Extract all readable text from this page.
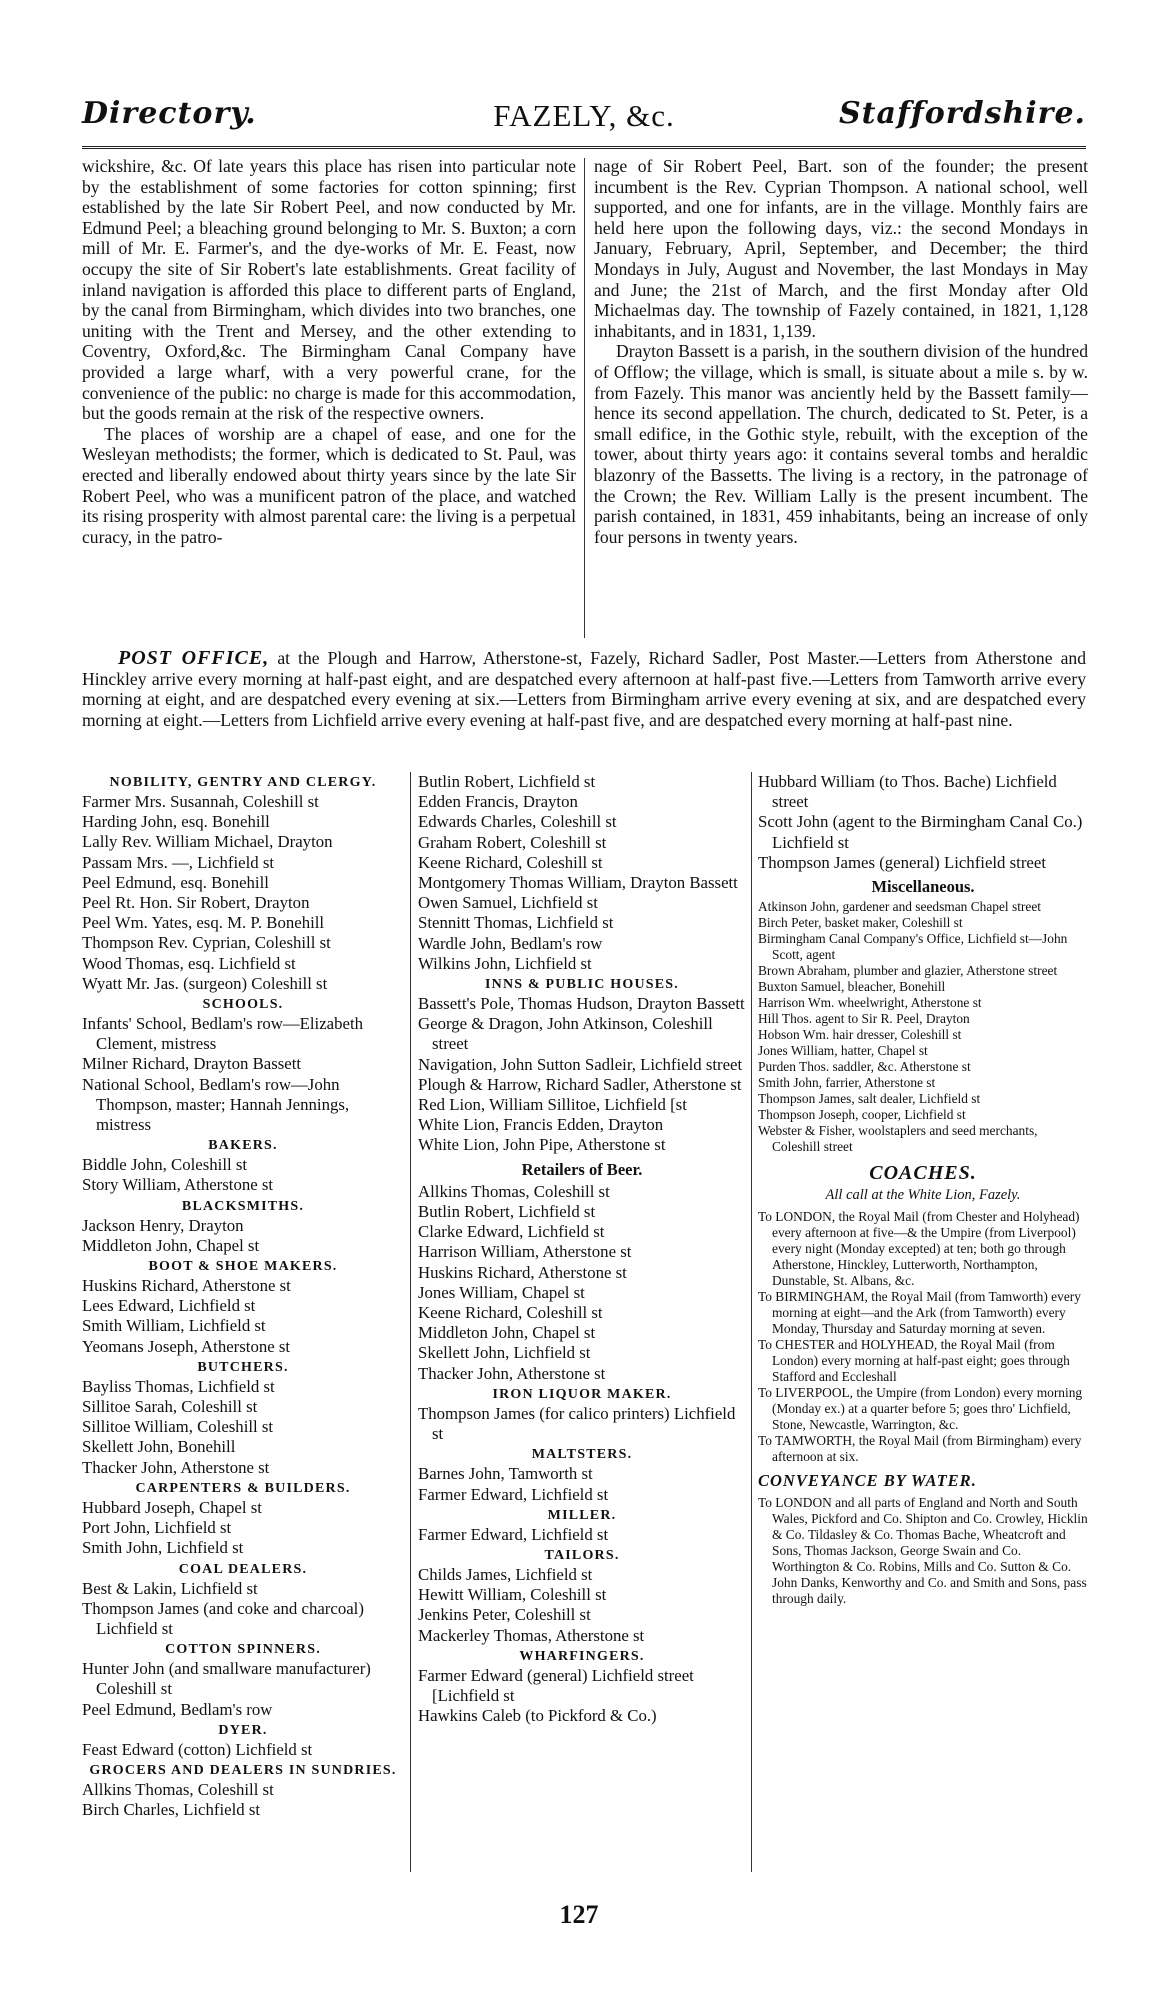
Directory.	FAZELY, &c.	Staffordshire.

wickshire, &c. Of late years this place has risen into particular note by the establishment of some factories for cotton spinning; first established by the late Sir Robert Peel, and now conducted by Mr. Edmund Peel; a bleaching ground belonging to Mr. S. Buxton; a corn mill of Mr. E. Farmer's, and the dye-works of Mr. E. Feast, now occupy the site of Sir Robert's late establishments. Great facility of inland navigation is afforded this place to different parts of England, by the canal from Birmingham, which divides into two branches, one uniting with the Trent and Mersey, and the other extending to Coventry, Oxford,&c. The Birmingham Canal Company have provided a large wharf, with a very powerful crane, for the convenience of the public: no charge is made for this accommodation, but the goods remain at the risk of the respective owners.

The places of worship are a chapel of ease, and one for the Wesleyan methodists; the former, which is dedicated to St. Paul, was erected and liberally endowed about thirty years since by the late Sir Robert Peel, who was a munificent patron of the place, and watched its rising prosperity with almost parental care: the living is a perpetual curacy, in the patro-

nage of Sir Robert Peel, Bart. son of the founder; the present incumbent is the Rev. Cyprian Thompson. A national school, well supported, and one for infants, are in the village. Monthly fairs are held here upon the following days, viz.: the second Mondays in January, February, April, September, and December; the third Mondays in July, August and November, the last Mondays in May and June; the 21st of March, and the first Monday after Old Michaelmas day. The township of Fazely contained, in 1821, 1,128 inhabitants, and in 1831, 1,139.

Drayton Bassett is a parish, in the southern division of the hundred of Offlow; the village, which is small, is situate about a mile s. by w. from Fazely. This manor was anciently held by the Bassett family—hence its second appellation. The church, dedicated to St. Peter, is a small edifice, in the Gothic style, rebuilt, with the exception of the tower, about thirty years ago: it contains several tombs and heraldic blazonry of the Bassetts. The living is a rectory, in the patronage of the Crown; the Rev. William Lally is the present incumbent. The parish contained, in 1831, 459 inhabitants, being an increase of only four persons in twenty years.

POST OFFICE, at the Plough and Harrow, Atherstone-st, Fazely, Richard Sadler, Post Master.—Letters from Atherstone and Hinckley arrive every morning at half-past eight, and are despatched every afternoon at half-past five.—Letters from Tamworth arrive every morning at eight, and are despatched every evening at six.—Letters from Birmingham arrive every evening at six, and are despatched every morning at eight.—Letters from Lichfield arrive every evening at half-past five, and are despatched every morning at half-past nine.
NOBILITY, GENTRY AND CLERGY.
Farmer Mrs. Susannah, Coleshill st
Harding John, esq. Bonehill
Lally Rev. William Michael, Drayton
Passam Mrs. —, Lichfield st
Peel Edmund, esq. Bonehill
Peel Rt. Hon. Sir Robert, Drayton
Peel Wm. Yates, esq. M. P. Bonehill
Thompson Rev. Cyprian, Coleshill st
Wood Thomas, esq. Lichfield st
Wyatt Mr. Jas. (surgeon) Coleshill st
SCHOOLS.
Infants' School, Bedlam's row—Elizabeth Clement, mistress
Milner Richard, Drayton Bassett
National School, Bedlam's row—John Thompson, master; Hannah Jennings, mistress
BAKERS.
Biddle John, Coleshill st
Story William, Atherstone st
BLACKSMITHS.
Jackson Henry, Drayton
Middleton John, Chapel st
BOOT & SHOE MAKERS.
Huskins Richard, Atherstone st
Lees Edward, Lichfield st
Smith William, Lichfield st
Yeomans Joseph, Atherstone st
BUTCHERS.
Bayliss Thomas, Lichfield st
Sillitoe Sarah, Coleshill st
Sillitoe William, Coleshill st
Skellett John, Bonehill
Thacker John, Atherstone st
CARPENTERS & BUILDERS.
Hubbard Joseph, Chapel st
Port John, Lichfield st
Smith John, Lichfield st
COAL DEALERS.
Best & Lakin, Lichfield st
Thompson James (and coke and charcoal) Lichfield st
COTTON SPINNERS.
Hunter John (and smallware manufacturer) Coleshill st
Peel Edmund, Bedlam's row
DYER.
Feast Edward (cotton) Lichfield st
GROCERS AND DEALERS IN SUNDRIES.
Allkins Thomas, Coleshill st
Birch Charles, Lichfield st
Butlin Robert, Lichfield st
Edden Francis, Drayton
Edwards Charles, Coleshill st
Graham Robert, Coleshill st
Keene Richard, Coleshill st
Montgomery Thomas William, Drayton Bassett
Owen Samuel, Lichfield st
Stennitt Thomas, Lichfield st
Wardle John, Bedlam's row
Wilkins John, Lichfield st
INNS & PUBLIC HOUSES.
Bassett's Pole, Thomas Hudson, Drayton Bassett
George & Dragon, John Atkinson, Coleshill street
Navigation, John Sutton Sadleir, Lichfield street
Plough & Harrow, Richard Sadler, Atherstone st
Red Lion, William Sillitoe, Lichfield [st
White Lion, Francis Edden, Drayton
White Lion, John Pipe, Atherstone st
Retailers of Beer.
Allkins Thomas, Coleshill st
Butlin Robert, Lichfield st
Clarke Edward, Lichfield st
Harrison William, Atherstone st
Huskins Richard, Atherstone st
Jones William, Chapel st
Keene Richard, Coleshill st
Middleton John, Chapel st
Skellett John, Lichfield st
Thacker John, Atherstone st
IRON LIQUOR MAKER.
Thompson James (for calico printers) Lichfield st
MALTSTERS.
Barnes John, Tamworth st
Farmer Edward, Lichfield st
MILLER.
Farmer Edward, Lichfield st
TAILORS.
Childs James, Lichfield st
Hewitt William, Coleshill st
Jenkins Peter, Coleshill st
Mackerley Thomas, Atherstone st
WHARFINGERS.
Farmer Edward (general) Lichfield street [Lichfield st
Hawkins Caleb (to Pickford & Co.)
Hubbard William (to Thos. Bache) Lichfield street
Scott John (agent to the Birmingham Canal Co.) Lichfield st
Thompson James (general) Lichfield street
Miscellaneous.
Atkinson John, gardener and seedsman Chapel street
Birch Peter, basket maker, Coleshill st
Birmingham Canal Company's Office, Lichfield st—John Scott, agent
Brown Abraham, plumber and glazier, Atherstone street
Buxton Samuel, bleacher, Bonehill
Harrison Wm. wheelwright, Atherstone st
Hill Thos. agent to Sir R. Peel, Drayton
Hobson Wm. hair dresser, Coleshill st
Jones William, hatter, Chapel st
Purden Thos. saddler, &c. Atherstone st
Smith John, farrier, Atherstone st
Thompson James, salt dealer, Lichfield st
Thompson Joseph, cooper, Lichfield st
Webster & Fisher, woolstaplers and seed merchants, Coleshill street
COACHES.
All call at the White Lion, Fazely.
To LONDON, the Royal Mail (from Chester and Holyhead) every afternoon at five—& the Umpire (from Liverpool) every night (Monday excepted) at ten; both go through Atherstone, Hinckley, Lutterworth, Northampton, Dunstable, St. Albans, &c.
To BIRMINGHAM, the Royal Mail (from Tamworth) every morning at eight—and the Ark (from Tamworth) every Monday, Thursday and Saturday morning at seven.
To CHESTER and HOLYHEAD, the Royal Mail (from London) every morning at half-past eight; goes through Stafford and Eccleshall
To LIVERPOOL, the Umpire (from London) every morning (Monday ex.) at a quarter before 5; goes thro' Lichfield, Stone, Newcastle, Warrington, &c.
To TAMWORTH, the Royal Mail (from Birmingham) every afternoon at six.
CONVEYANCE BY WATER.
To LONDON and all parts of England and North and South Wales, Pickford and Co. Shipton and Co. Crowley, Hicklin & Co. Tildasley & Co. Thomas Bache, Wheatcroft and Sons, Thomas Jackson, George Swain and Co. Worthington & Co. Robins, Mills and Co. Sutton & Co. John Danks, Kenworthy and Co. and Smith and Sons, pass through daily.
127
